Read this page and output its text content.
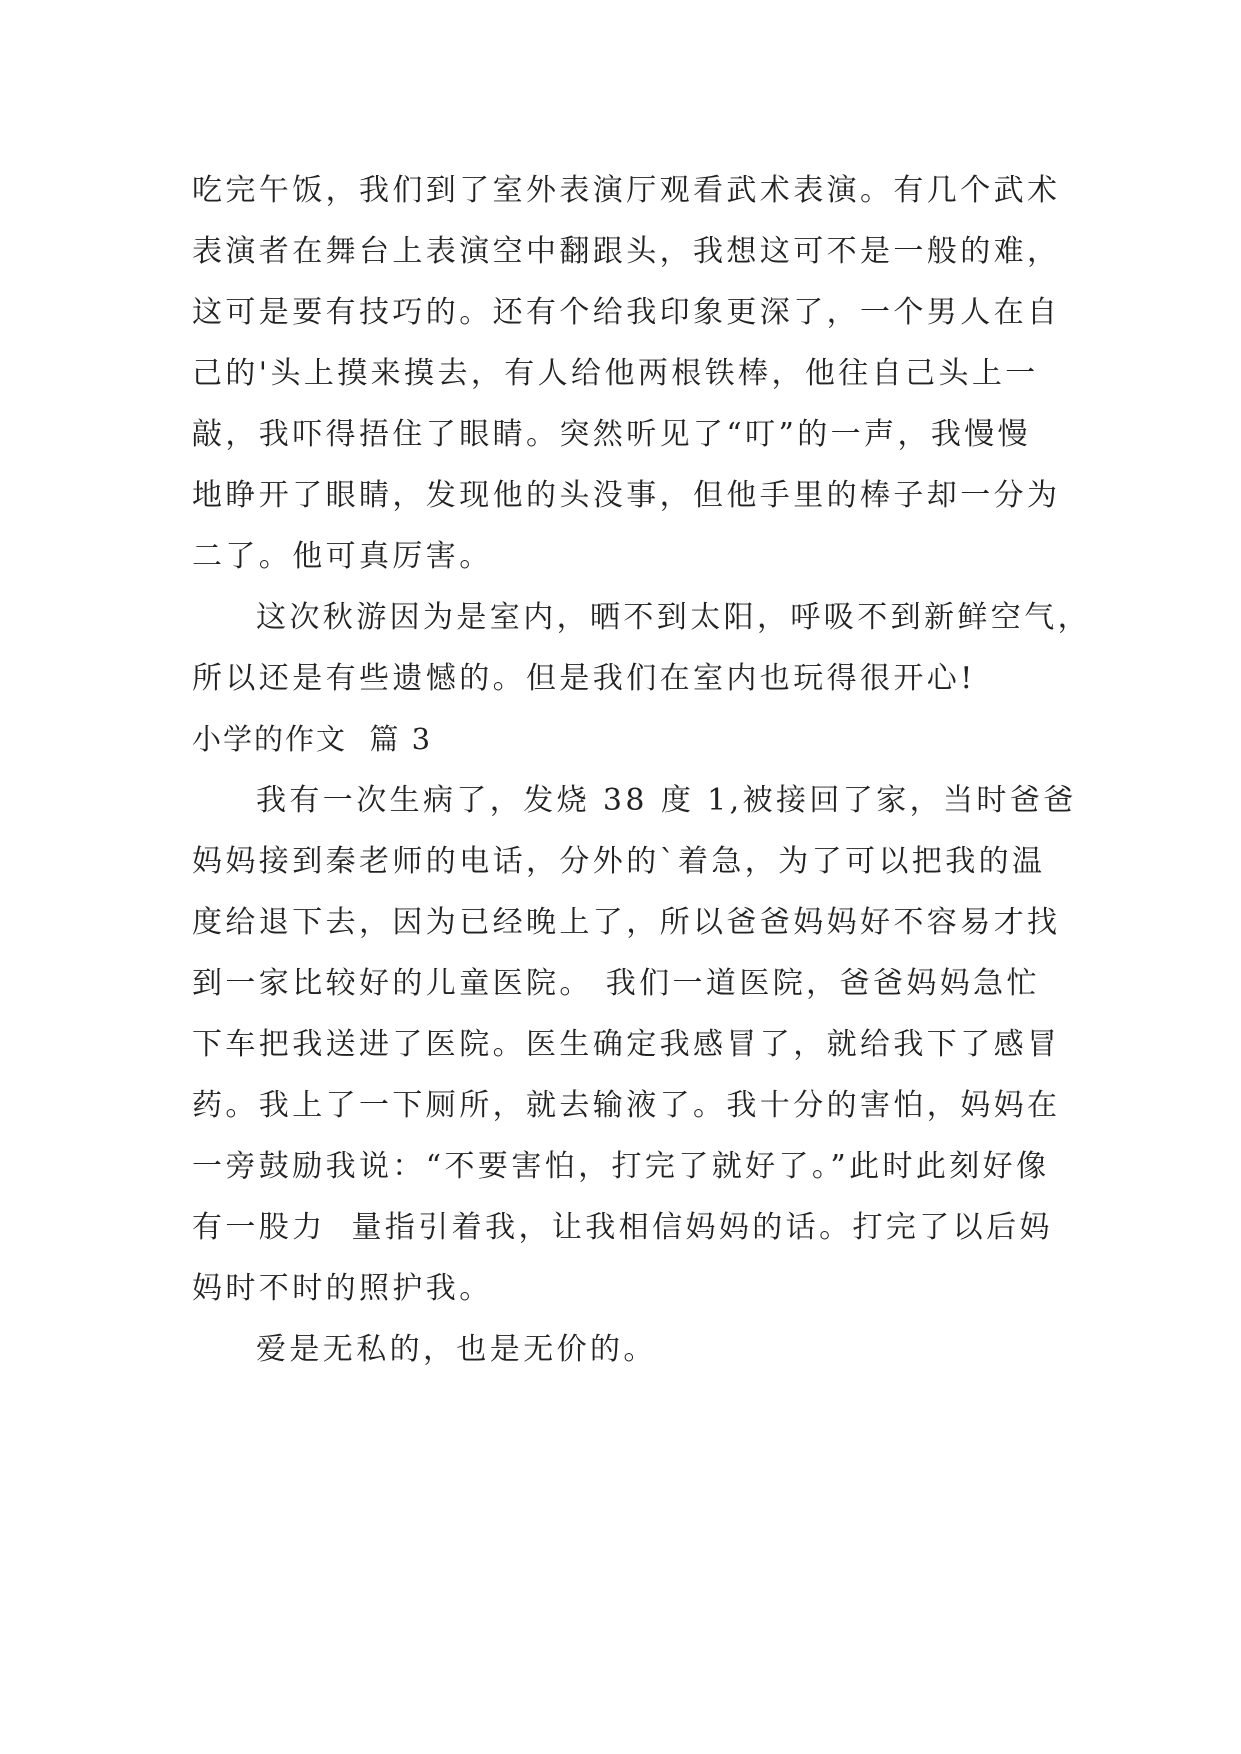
吃完午饭，我们到了室外表演厅观看武术表演。有几个武术
表演者在舞台上表演空中翻跟头，我想这可不是一般的难，
这可是要有技巧的。还有个给我印象更深了，一个男人在自
己的'头上摸来摸去，有人给他两根铁棒，他往自己头上一
敲，我吓得捂住了眼睛。突然听见了“叮”的一声，我慢慢
地睁开了眼睛，发现他的头没事，但他手里的棒子却一分为
二了。他可真厉害。
这次秋游因为是室内，晒不到太阳，呼吸不到新鲜空气，
所以还是有些遗憾的。但是我们在室内也玩得很开心!
小学的作文  篇 3
我有一次生病了，发烧 38 度 1,被接回了家，当时爸爸
妈妈接到秦老师的电话，分外的`着急，为了可以把我的温
度给退下去，因为已经晚上了，所以爸爸妈妈好不容易才找
到一家比较好的儿童医院。 我们一道医院，爸爸妈妈急忙
下车把我送进了医院。医生确定我感冒了，就给我下了感冒
药。我上了一下厕所，就去输液了。我十分的害怕，妈妈在
一旁鼓励我说：“不要害怕，打完了就好了。”此时此刻好像
有一股力  量指引着我，让我相信妈妈的话。打完了以后妈
妈时不时的照护我。
爱是无私的，也是无价的。
